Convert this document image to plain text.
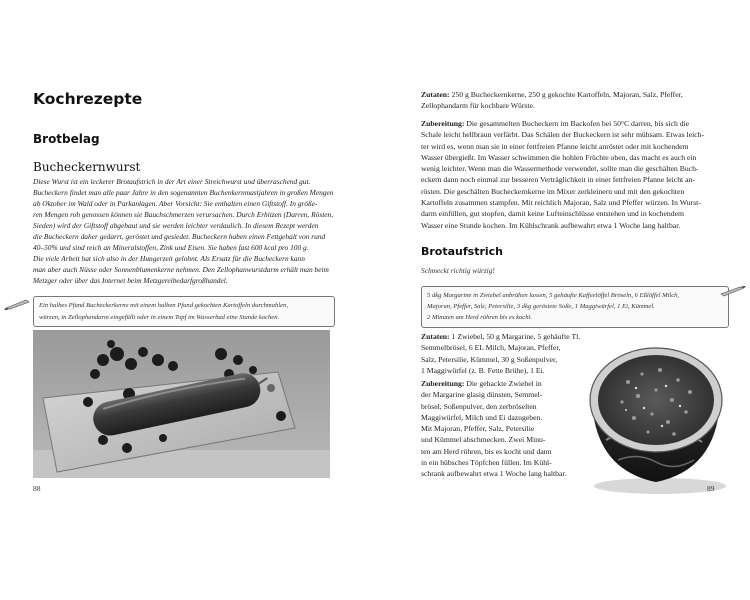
Kochrezepte
Brotbelag
Bucheckernwurst
Diese Wurst ist ein leckerer Brotaufstrich in der Art einer Streichwurst und überraschend gut.
Bucheckern findet man alle paar Jahre in den sogenannten Buchenkernmastjahren in großen Mengen
ab Oktober im Wald oder in Parkanlagen. Aber Vorsicht: Sie enthalten einen Giftstoff. In größe-
ren Mengen roh genossen können sie Bauchschmerzen verursachen. Durch Erhitzen (Darren, Rösten,
Sieden) wird der Giftstoff abgebaut und sie werden leichter verdaulich. In diesem Rezept werden
die Bucheckern daher gedarrt, geröstet und gesiedet. Bucheckern haben einen Fettgehalt von rund
40–50% und sind reich an Mineralstoffen, Zink und Eisen. Sie haben fast 600 kcal pro 100 g.
Die viele Arbeit hat sich also in der Hungerzeit gelohnt. Als Ersatz für die Bucheckern kann
man aber auch Nüsse oder Sonnenblumenkerne nehmen. Den Zellophanwurstdarm erhält man beim
Metzger oder über das Internet beim Metzgereibedarfgroßhandel.
Ein halbes Pfund Bucheckerkerne mit einem halben Pfund gekochten Kartoffeln durchmahlen,
würzen, in Zellophandarm eingefüllt oder in einem Topf im Wasserbad eine Stunde kochen.
88
Zutaten: 250 g Bucheckernkerne, 250 g gekochte Kartoffeln, Majoran, Salz, Pfeffer,
Zellophandarm für kochbare Würste.
Zubereitung: Die gesammelten Bucheckern im Backofen bei 50°C darren, bis sich die
Schale leicht hellbraun verfärbt. Das Schälen der Buckeckern ist sehr mühsam. Etwas leich-
ter wird es, wenn man sie in einer fettfreien Pfanne leicht anröstet oder mit kochendem
Wasser übergießt. Im Wasser schwimmen die hohlen Früchte oben, das macht es auch ein
wenig leichter. Wenn man die Wassermethode verwendet, sollte man die geschälten Buch-
eckern dann noch einmal zur besseren Verträglichkeit in einer fettfreien Pfanne leicht an-
rösten. Die geschälten Bucheckernkerne im Mixer zerkleinern und mit den gekochten
Kartoffeln zusammen stampfen. Mit reichlich Majoran, Salz und Pfeffer würzen. In Wurst-
darm einfüllen, gut stopfen, damit keine Lufteinschlüsse entstehen und in kochendem
Wasser eine Stunde kochen. Im Kühlschrank aufbewahrt etwa 1 Woche lang haltbar.
Brotaufstrich
Schmeckt richtig würzig!
5 dkg Margarine in Zwiebel anbrühen lassen, 5 gehäufte Kaffeelöffel Bröseln, 6 Eßlöffel Milch,
Majoran, Pfeffer, Salz, Petersilie, 3 dkg geröstete Soße, 1 Maggiwürfel, 1 Ei, Kümmel.
2 Minuten am Herd rühren bis es kocht.
Zutaten: 1 Zwiebel, 50 g Margarine, 5 gehäufte Tl.
Semmelbrösel, 6 EL Milch, Majoran, Pfeffer,
Salz, Petersilie, Kümmel, 30 g Soßenpulver,
1 Maggiwürfel (z. B. Fette Brühe), 1 Ei.
Zubereitung: Die gehackte Zwiebel in
der Margarine glasig dünsten, Semmel-
brösel, Soßenpulver, den zerbröselten
Maggiwürfel, Milch und Ei dazugeben.
Mit Majoran, Pfeffer, Salz, Petersilie
und Kümmel abschmecken. Zwei Minu-
ten am Herd rühren, bis es kocht und dann
in ein hübsches Töpfchen füllen. Im Kühl-
schrank aufbewahrt etwa 1 Woche lang haltbar.
89
